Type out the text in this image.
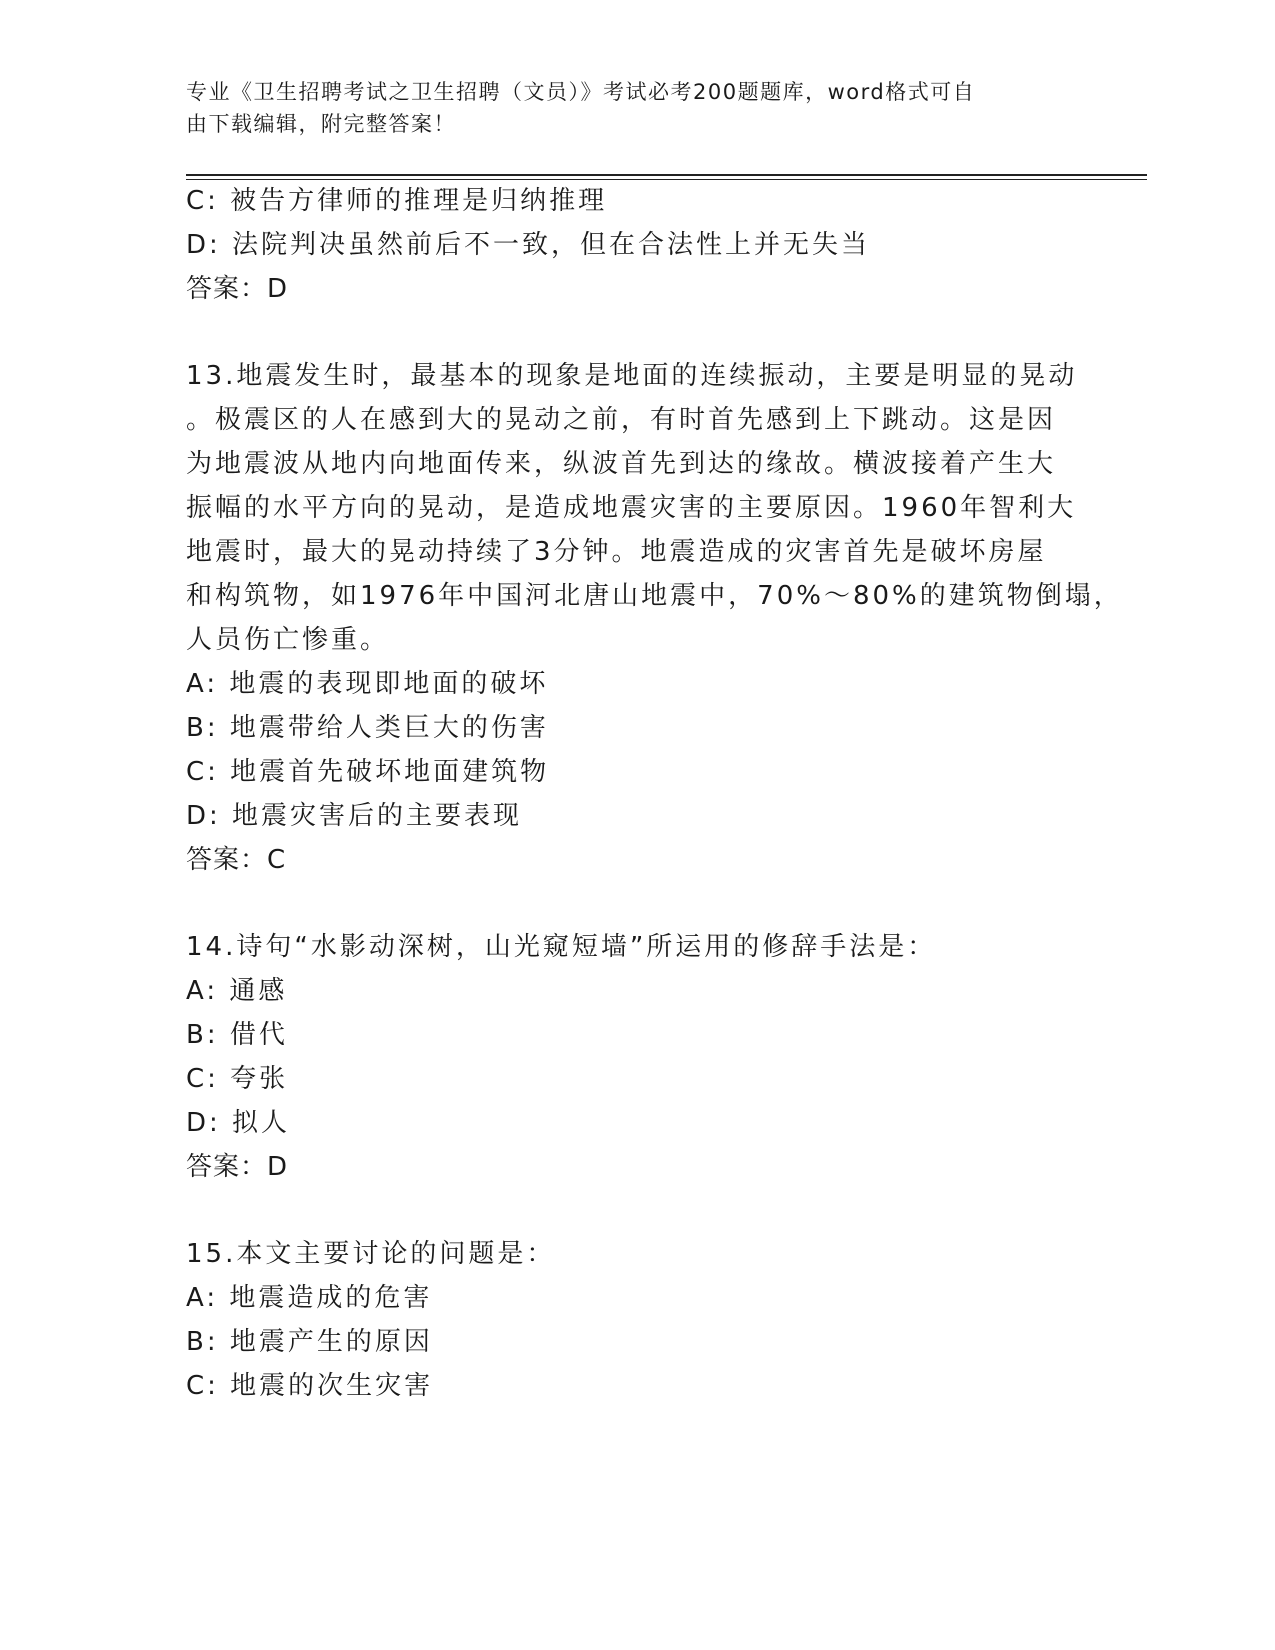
专业《卫生招聘考试之卫生招聘（文员）》考试必考200题题库，word格式可自
由下载编辑，附完整答案！
C: 被告方律师的推理是归纳推理
D: 法院判决虽然前后不一致，但在合法性上并无失当
答案：D
13.地震发生时，最基本的现象是地面的连续振动，主要是明显的晃动
。极震区的人在感到大的晃动之前，有时首先感到上下跳动。这是因
为地震波从地内向地面传来，纵波首先到达的缘故。横波接着产生大
振幅的水平方向的晃动，是造成地震灾害的主要原因。1960年智利大
地震时，最大的晃动持续了3分钟。地震造成的灾害首先是破坏房屋
和构筑物，如1976年中国河北唐山地震中，70%～80%的建筑物倒塌，
人员伤亡惨重。
A: 地震的表现即地面的破坏
B: 地震带给人类巨大的伤害
C: 地震首先破坏地面建筑物
D: 地震灾害后的主要表现
答案：C
14.诗句“水影动深树，山光窥短墙”所运用的修辞手法是：
A: 通感
B: 借代
C: 夸张
D: 拟人
答案：D
15.本文主要讨论的问题是：
A: 地震造成的危害
B: 地震产生的原因
C: 地震的次生灾害
